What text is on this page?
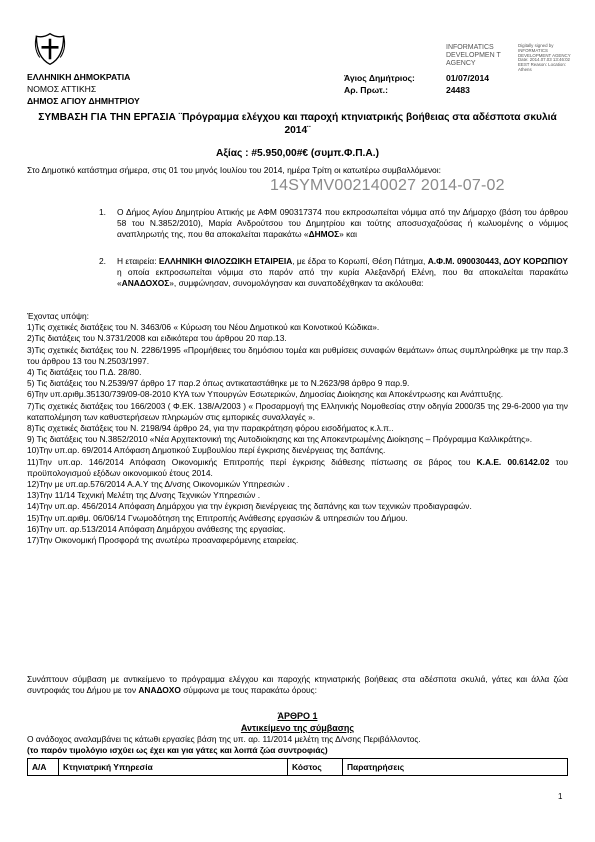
ΕΛΛΗΝΙΚΗ ΔΗΜΟΚΡΑΤΙΑ
ΝΟΜΟΣ ΑΤΤΙΚΗΣ
ΔΗΜΟΣ ΑΓΙΟΥ ΔΗΜΗΤΡΙΟΥ
Άγιος Δημήτριος:	01/07/2014
Αρ. Πρωτ.:	24483
INFORMATICS DEVELOPMEN T AGENCY
Digitally signed by INFORMATICS DEVELOPMENT AGENCY Date: 2014.07.03 13:46:02 EEST Reason: Location: Athens
ΣΥΜΒΑΣΗ ΓΙΑ ΤΗΝ ΕΡΓΑΣΙΑ ¨Πρόγραμμα ελέγχου και παροχή κτηνιατρικής βοήθειας στα αδέσποτα σκυλιά 2014¨
Αξίας : #5.950,00#€ (συμπ.Φ.Π.Α.)
Στο Δημοτικό κατάστημα σήμερα, στις 01 του μηνός Ιουλίου του 2014, ημέρα Τρίτη οι κατωτέρω συμβαλλόμενοι:
14SYMV002140027 2014-07-02
1. Ο Δήμος Αγίου Δημητρίου Αττικής με ΑΦΜ 090317374 που εκπροσωπείται νόμιμα από την Δήμαρχο (βάση του άρθρου 58 του Ν.3852/2010), Μαρία Ανδρούτσου του Δημητρίου και τούτης αποσυσχαζούσας ή κωλυομένης ο νόμιμος αναπληρωτής της, που θα αποκαλείται παρακάτω «ΔΗΜΟΣ» και
2. Η εταιρεία: ΕΛΛΗΝΙΚΗ ΦΙΛΟΖΩΙΚΗ ΕΤΑΙΡΕΙΑ, με έδρα το Κορωπί, Θέση Πάτημα, Α.Φ.Μ. 090030443, ΔΟΥ ΚΟΡΩΠΙΟΥ η οποία εκπροσωπείται νόμιμα στο παρόν από την κυρία Αλεξανδρή Ελένη, που θα αποκαλείται παρακάτω «ΑΝΑΔΟΧΟΣ», συμφώνησαν, συνομολόγησαν και συναποδέχθηκαν τα ακόλουθα:
Έχοντας υπόψη:
1)Τις σχετικές διατάξεις του Ν. 3463/06 « Κύρωση του Νέου Δημοτικού και Κοινοτικού Κώδικα».
2)Τις διατάξεις του Ν.3731/2008 και ειδικότερα του άρθρου 20 παρ.13.
3)Τις σχετικές διατάξεις του Ν. 2286/1995 «Προμήθειες του δημόσιου τομέα και ρυθμίσεις συναφών θεμάτων» όπως συμπληρώθηκε με την παρ.3 του άρθρου 13 του Ν.2503/1997.
4) Τις διατάξεις του Π.Δ. 28/80.
5) Τις διατάξεις του Ν.2539/97 άρθρο 17 παρ.2 όπως αντικαταστάθηκε με το Ν.2623/98 άρθρο 9 παρ.9.
6)Την υπ.αριθμ.35130/739/09-08-2010 ΚΥΑ των Υπουργών Εσωτερικών, Δημοσίας Διοίκησης και Αποκέντρωσης και Ανάπτυξης.
7)Τις σχετικές διατάξεις του 166/2003 ( Φ.ΕΚ. 138/Α/2003 ) « Προσαρμογή της Ελληνικής Νομοθεσίας στην οδηγία 2000/35 της 29-6-2000 για την καταπολέμηση των καθυστερήσεων πληρωμών στις εμπορικές συναλλαγές ».
8)Τις σχετικές διατάξεις του Ν. 2198/94 άρθρο 24, για την παρακράτηση φόρου εισοδήματος κ.λ.π..
9) Τις διατάξεις του Ν.3852/2010 «Νέα Αρχιτεκτονική της Αυτοδιοίκησης και της Αποκεντρωμένης Διοίκησης – Πρόγραμμα Καλλικράτης».
10)Την υπ.αρ. 69/2014 Απόφαση Δημοτικού Συμβουλίου περί έγκρισης διενέργειας της δαπάνης.
11)Την υπ.αρ. 146/2014 Απόφαση Οικονομικής Επιτροπής περί έγκρισης διάθεσης πίστωσης σε βάρος του Κ.Α.Ε. 00.6142.02 του προϋπολογισμού εξόδων οικονομικού έτους 2014.
12)Την με υπ.αρ.576/2014 Α.Α.Υ της Δ/νσης Οικονομικών Υπηρεσιών .
13)Την 11/14 Τεχνική Μελέτη της Δ/νσης Τεχνικών Υπηρεσιών .
14)Την υπ.αρ. 456/2014 Απόφαση Δημάρχου για την έγκριση διενέργειας της δαπάνης και των τεχνικών προδιαγραφών.
15)Την υπ.αριθμ. 06/06/14 Γνωμοδότηση της Επιτροπής Ανάθεσης εργασιών & υπηρεσιών του Δήμου.
16)Την υπ. αρ.513/2014 Απόφαση Δημάρχου ανάθεσης της εργασίας.
17)Την Οικονομική Προσφορά της ανωτέρω προαναφερόμενης εταιρείας.
Συνάπτουν σύμβαση με αντικείμενο το πρόγραμμα ελέγχου και παροχής κτηνιατρικής βοήθειας στα αδέσποτα σκυλιά, γάτες και άλλα ζώα συντροφιάς του Δήμου με τον ΑΝΑΔΟΧΟ σύμφωνα με τους παρακάτω όρους:
ΆΡΘΡΟ 1
Αντικείμενο της σύμβασης
Ο ανάδοχος αναλαμβάνει τις κάτωθι εργασίες βάση της υπ. αρ. 11/2014 μελέτη της Δ/νσης Περιβάλλοντος.
(το παρόν τιμολόγιο ισχύει ως έχει και για γάτες και λοιπά ζώα συντροφιάς)
Α/Α	Κτηνιατρική Υπηρεσία	Κόστος	Παρατηρήσεις
1
